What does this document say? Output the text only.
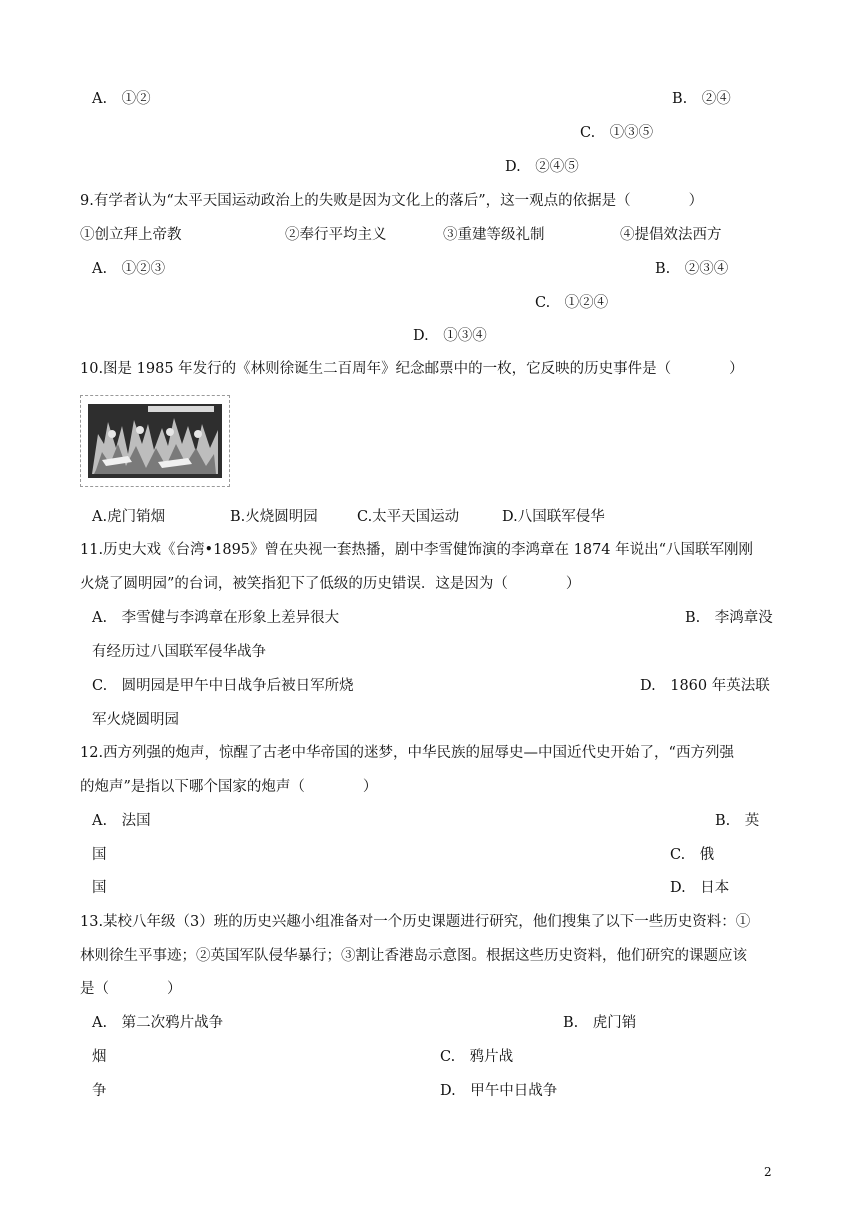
A.　①②	B.　②④
C.　①③⑤
D.　②④⑤
9.有学者认为“太平天国运动政治上的失败是因为文化上的落后”，这一观点的依据是（　　　　）
①创立拜上帝教	②奉行平均主义	③重建等级礼制	④提倡效法西方
A.　①②③	B.　②③④
C.　①②④
D.　①③④
10.图是 1985 年发行的《林则徐诞生二百周年》纪念邮票中的一枚，它反映的历史事件是（　　　　）
A.虎门销烟	B.火烧圆明园	C.太平天国运动	D.八国联军侵华
11.历史大戏《台湾•1895》曾在央视一套热播，剧中李雪健饰演的李鸿章在 1874 年说出“八国联军刚刚
火烧了圆明园”的台词，被笑指犯下了低级的历史错误．这是因为（　　　　）
A.　李雪健与李鸿章在形象上差异很大	B.　李鸿章没
有经历过八国联军侵华战争
C.　圆明园是甲午中日战争后被日军所烧	D.　1860 年英法联
军火烧圆明园
12.西方列强的炮声，惊醒了古老中华帝国的迷梦，中华民族的屈辱史—中国近代史开始了，“西方列强
的炮声”是指以下哪个国家的炮声（　　　　）
A.　法国	B.　英
国	C.　俄
国	D.　日本
13.某校八年级（3）班的历史兴趣小组准备对一个历史课题进行研究，他们搜集了以下一些历史资料：①
林则徐生平事迹；②英国军队侵华暴行；③割让香港岛示意图。根据这些历史资料，他们研究的课题应该
是（　　　　）
A.　第二次鸦片战争	B.　虎门销
烟	C.　鸦片战
争	D.　甲午中日战争
2
